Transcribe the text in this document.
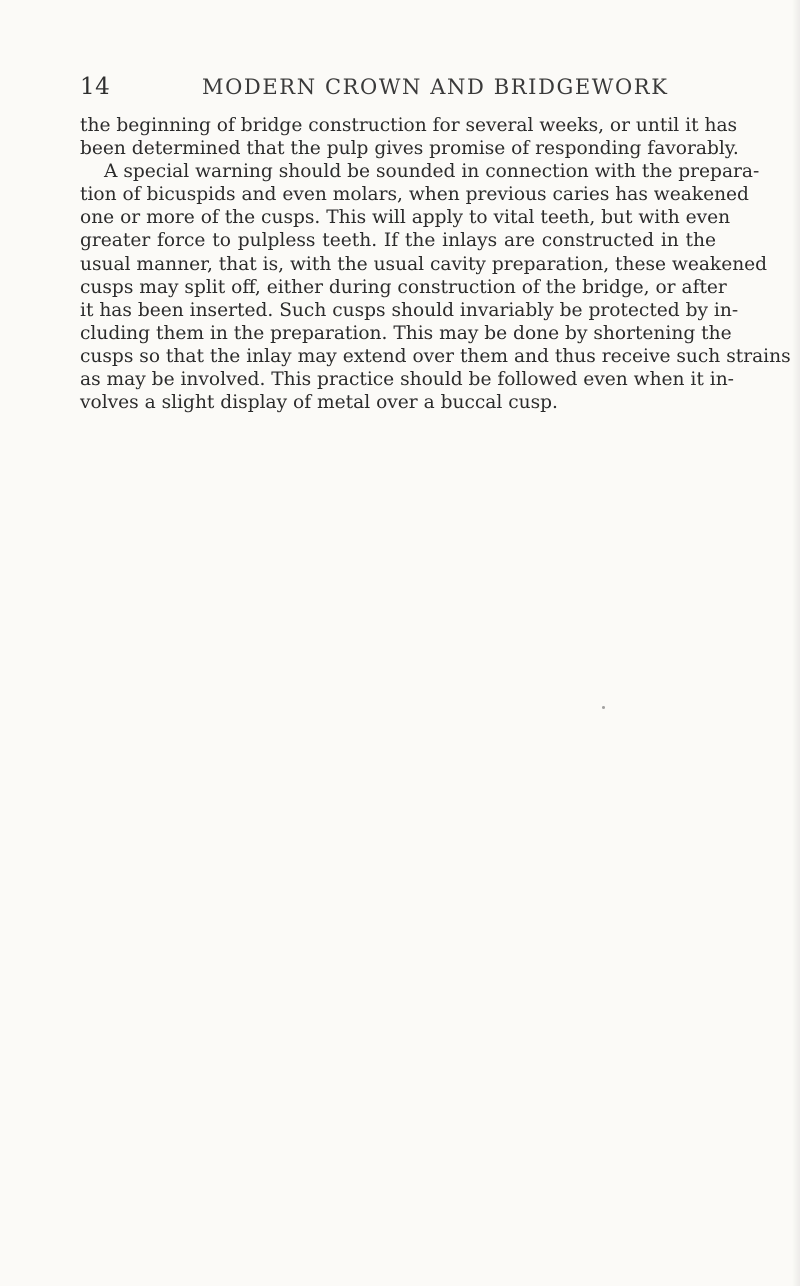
14	MODERN CROWN AND BRIDGEWORK
the beginning of bridge construction for several weeks, or until it has
been determined that the pulp gives promise of responding favorably.
A special warning should be sounded in connection with the prepara-
tion of bicuspids and even molars, when previous caries has weakened
one or more of the cusps. This will apply to vital teeth, but with even
greater force to pulpless teeth. If the inlays are constructed in the
usual manner, that is, with the usual cavity preparation, these weakened
cusps may split off, either during construction of the bridge, or after
it has been inserted. Such cusps should invariably be protected by in-
cluding them in the preparation. This may be done by shortening the
cusps so that the inlay may extend over them and thus receive such strains
as may be involved. This practice should be followed even when it in-
volves a slight display of metal over a buccal cusp.
